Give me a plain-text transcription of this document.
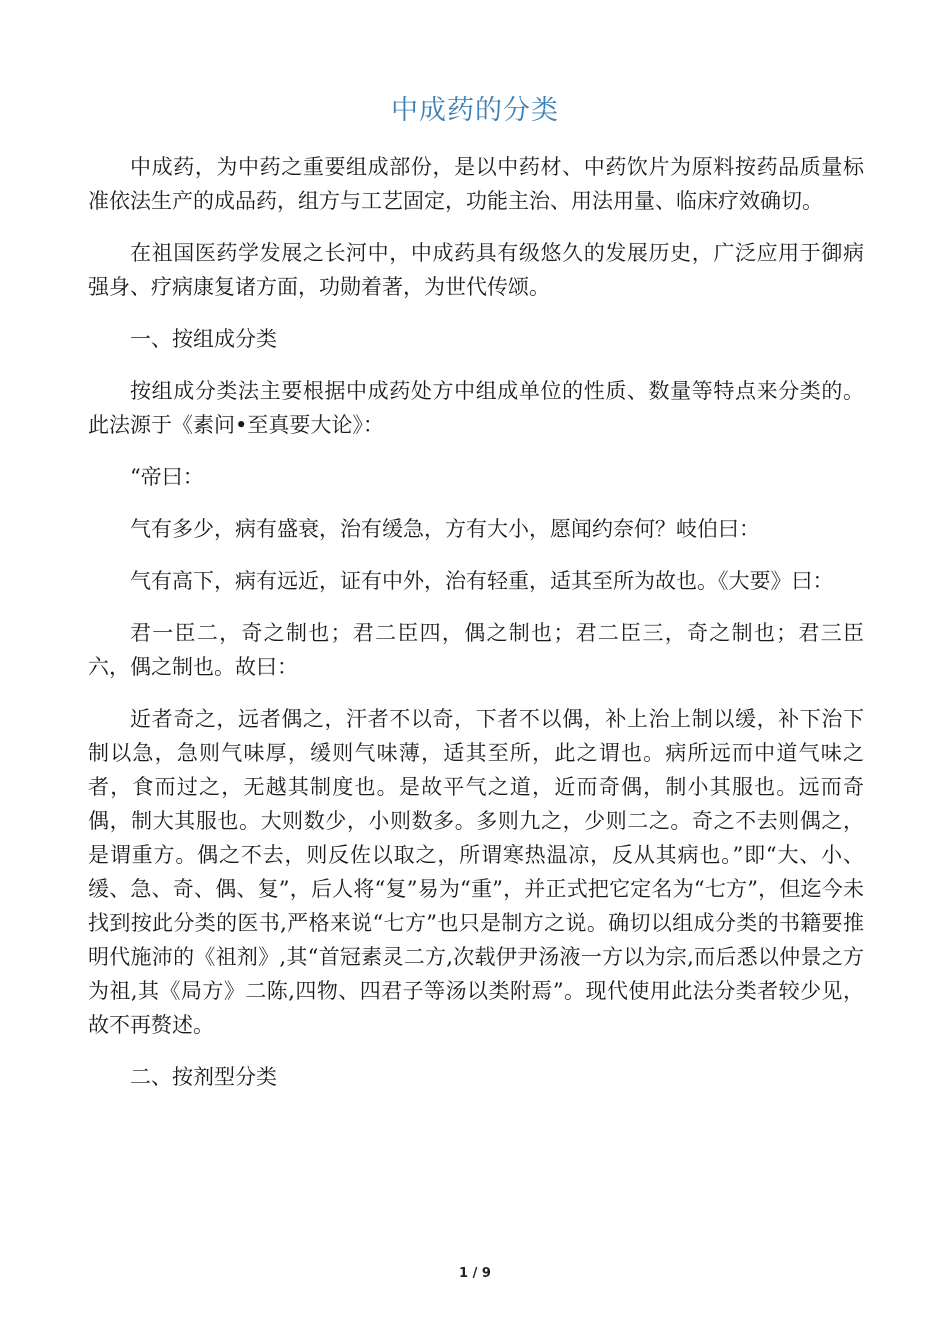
中成药的分类

中成药，为中药之重要组成部份，是以中药材、中药饮片为原料按药品质量标准依法生产的成品药，组方与工艺固定，功能主治、用法用量、临床疗效确切。

在祖国医药学发展之长河中，中成药具有级悠久的发展历史，广泛应用于御病强身、疗病康复诸方面，功勋着著，为世代传颂。

一、按组成分类

按组成分类法主要根据中成药处方中组成单位的性质、数量等特点来分类的。此法源于《素问•至真要大论》：

“帝曰：

气有多少，病有盛衰，治有缓急，方有大小，愿闻约奈何？岐伯曰：

气有高下，病有远近，证有中外，治有轻重，适其至所为故也。《大要》曰：

君一臣二，奇之制也；君二臣四，偶之制也；君二臣三，奇之制也；君三臣六，偶之制也。故曰：

近者奇之，远者偶之，汗者不以奇，下者不以偶，补上治上制以缓，补下治下制以急，急则气味厚，缓则气味薄，适其至所，此之谓也。病所远而中道气味之者，食而过之，无越其制度也。是故平气之道，近而奇偶，制小其服也。远而奇偶，制大其服也。大则数少，小则数多。多则九之，少则二之。奇之不去则偶之，是谓重方。偶之不去，则反佐以取之，所谓寒热温凉，反从其病也。”即“大、小、缓、急、奇、偶、复”，后人将“复”易为“重”，并正式把它定名为“七方”，但迄今未找到按此分类的医书,严格来说“七方”也只是制方之说。确切以组成分类的书籍要推明代施沛的《祖剂》,其“首冠素灵二方,次载伊尹汤液一方以为宗,而后悉以仲景之方为祖,其《局方》二陈,四物、四君子等汤以类附焉”。现代使用此法分类者较少见，故不再赘述。

二、按剂型分类

1 / 9
